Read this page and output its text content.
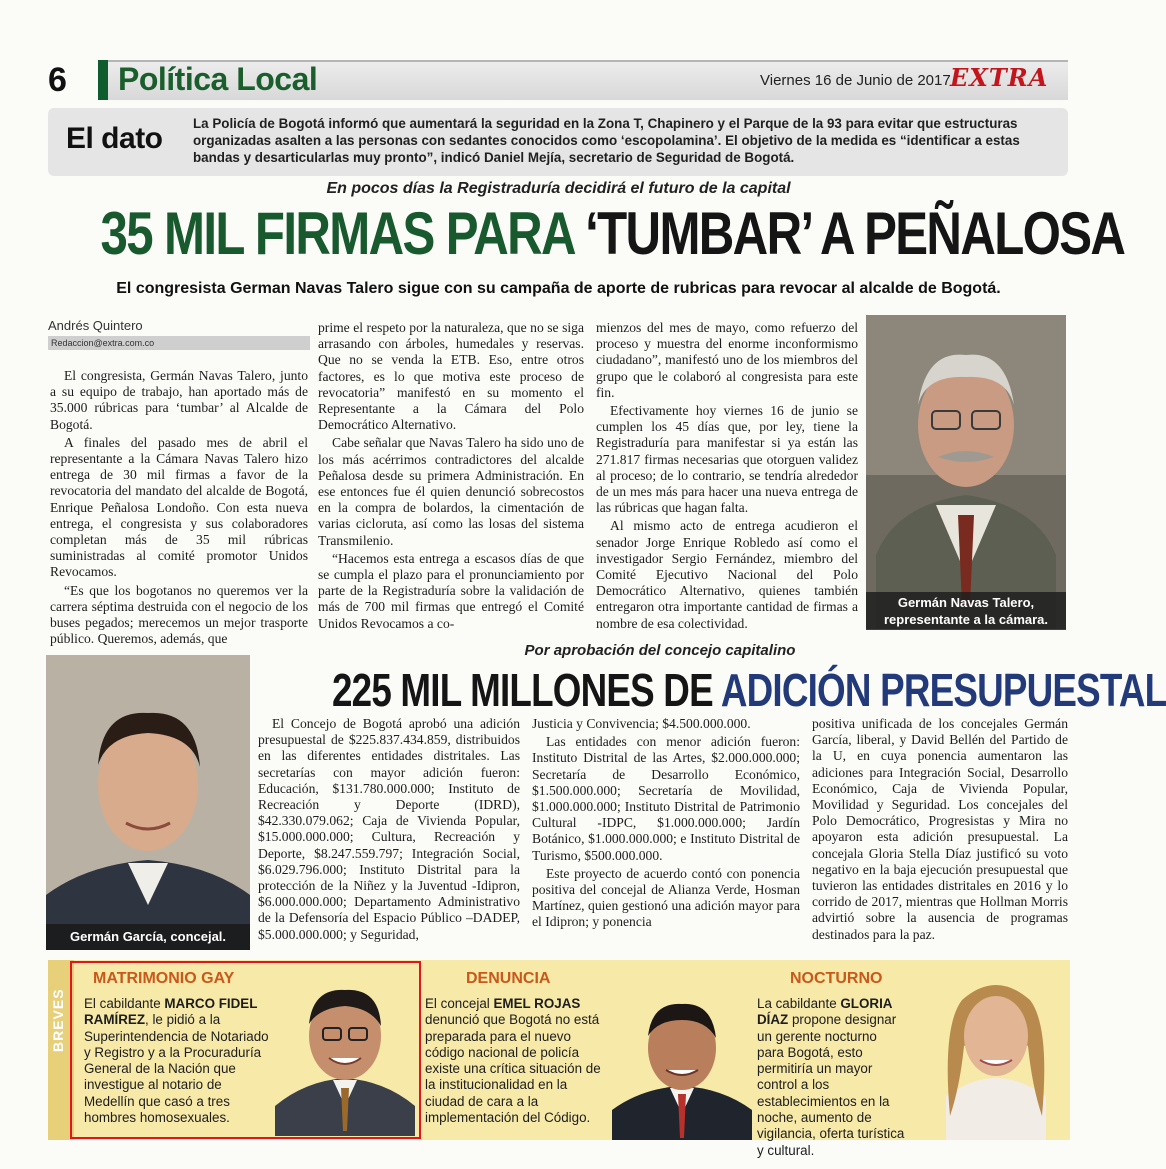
6	Política Local	Viernes 16 de Junio de 2017 EXTRA
El dato La Policía de Bogotá informó que aumentará la seguridad en la Zona T, Chapinero y el Parque de la 93 para evitar que estructuras organizadas asalten a las personas con sedantes conocidos como ‘escopolamina’. El objetivo de la medida es “identificar a estas bandas y desarticularlas muy pronto”, indicó Daniel Mejía, secretario de Seguridad de Bogotá.
En pocos días la Registraduría decidirá el futuro de la capital
35 MIL FIRMAS PARA ‘TUMBAR’ A PEÑALOSA
El congresista German Navas Talero sigue con su campaña de aporte de rubricas para revocar al alcalde de Bogotá.
Andrés Quintero
Redaccion@extra.com.co

El congresista, Germán Navas Talero, junto a su equipo de trabajo, han aportado más de 35.000 rúbricas para ‘tumbar’ al Alcalde de Bogotá.

A finales del pasado mes de abril el representante a la Cámara Navas Talero hizo entrega de 30 mil firmas a favor de la revocatoria del mandato del alcalde de Bogotá, Enrique Peñalosa Londoño. Con esta nueva entrega, el congresista y sus colaboradores completan más de 35 mil rúbricas suministradas al comité promotor Unidos Revocamos.

“Es que los bogotanos no queremos ver la carrera séptima destruida con el negocio de los buses pegados; merecemos un mejor trasporte público. Queremos, además, que

prime el respeto por la naturaleza, que no se siga arrasando con árboles, humedales y reservas. Que no se venda la ETB. Eso, entre otros factores, es lo que motiva este proceso de revocatoria” manifestó en su momento el Representante a la Cámara del Polo Democrático Alternativo.

Cabe señalar que Navas Talero ha sido uno de los más acérrimos contradictores del alcalde Peñalosa desde su primera Administración. En ese entonces fue él quien denunció sobrecostos en la compra de bolardos, la cimentación de varias cicloruta, así como las losas del sistema Transmilenio.

“Hacemos esta entrega a escasos días de que se cumpla el plazo para el pronunciamiento por parte de la Registraduría sobre la validación de más de 700 mil firmas que entregó el Comité Unidos Revocamos a co-

mienzos del mes de mayo, como refuerzo del proceso y muestra del enorme inconformismo ciudadano”, manifestó uno de los miembros del grupo que le colaboró al congresista para este fin.

Efectivamente hoy viernes 16 de junio se cumplen los 45 días que, por ley, tiene la Registraduría para manifestar si ya están las 271.817 firmas necesarias que otorguen validez al proceso; de lo contrario, se tendría alrededor de un mes más para hacer una nueva entrega de las rúbricas que hagan falta.

Al mismo acto de entrega acudieron el senador Jorge Enrique Robledo así como el investigador Sergio Fernández, miembro del Comité Ejecutivo Nacional del Polo Democrático Alternativo, quienes también entregaron otra importante cantidad de firmas a nombre de esa colectividad.

Germán Navas Talero,
representante a la cámara.
Germán García, concejal.
Por aprobación del concejo capitalino
225 MIL MILLONES DE ADICIÓN PRESUPUESTAL

El Concejo de Bogotá aprobó una adición presupuestal de $225.837.434.859, distribuidos en las diferentes entidades distritales. Las secretarías con mayor adición fueron: Educación, $131.780.000.000; Instituto de Recreación y Deporte (IDRD), $42.330.079.062; Caja de Vivienda Popular, $15.000.000.000; Cultura, Recreación y Deporte, $8.247.559.797; Integración Social, $6.029.796.000; Instituto Distrital para la protección de la Niñez y la Juventud -Idipron, $6.000.000.000; Departamento Administrativo de la Defensoría del Espacio Público –DADEP, $5.000.000.000; y Seguridad,

Justicia y Convivencia; $4.500.000.000.

Las entidades con menor adición fueron: Instituto Distrital de las Artes, $2.000.000.000; Secretaría de Desarrollo Económico, $1.500.000.000; Secretaría de Movilidad, $1.000.000.000; Instituto Distrital de Patrimonio Cultural -IDPC, $1.000.000.000; Jardín Botánico, $1.000.000.000; e Instituto Distrital de Turismo, $500.000.000.

Este proyecto de acuerdo contó con ponencia positiva del concejal de Alianza Verde, Hosman Martínez, quien gestionó una adición mayor para el Idipron; y ponencia

positiva unificada de los concejales Germán García, liberal, y David Bellén del Partido de la U, en cuya ponencia aumentaron las adiciones para Integración Social, Desarrollo Económico, Caja de Vivienda Popular, Movilidad y Seguridad. Los concejales del Polo Democrático, Progresistas y Mira no apoyaron esta adición presupuestal. La concejala Gloria Stella Díaz justificó su voto negativo en la baja ejecución presupuestal que tuvieron las entidades distritales en 2016 y lo corrido de 2017, mientras que Hollman Morris advirtió sobre la ausencia de programas destinados para la paz.

BREVES
MATRIMONIO GAY
El cabildante MARCO FIDEL RAMÍREZ, le pidió a la Superintendencia de Notariado y Registro y a la Procuraduría General de la Nación que investigue al notario de Medellín que casó a tres hombres homosexuales.
DENUNCIA
El concejal EMEL ROJAS denunció que Bogotá no está preparada para el nuevo código nacional de policía existe una crítica situación de la institucionalidad en la ciudad de cara a la implementación del Código.
NOCTURNO
La cabildante GLORIA DÍAZ propone designar un gerente nocturno para Bogotá, esto permitiría un mayor control a los establecimientos en la noche, aumento de vigilancia, oferta turística y cultural.
